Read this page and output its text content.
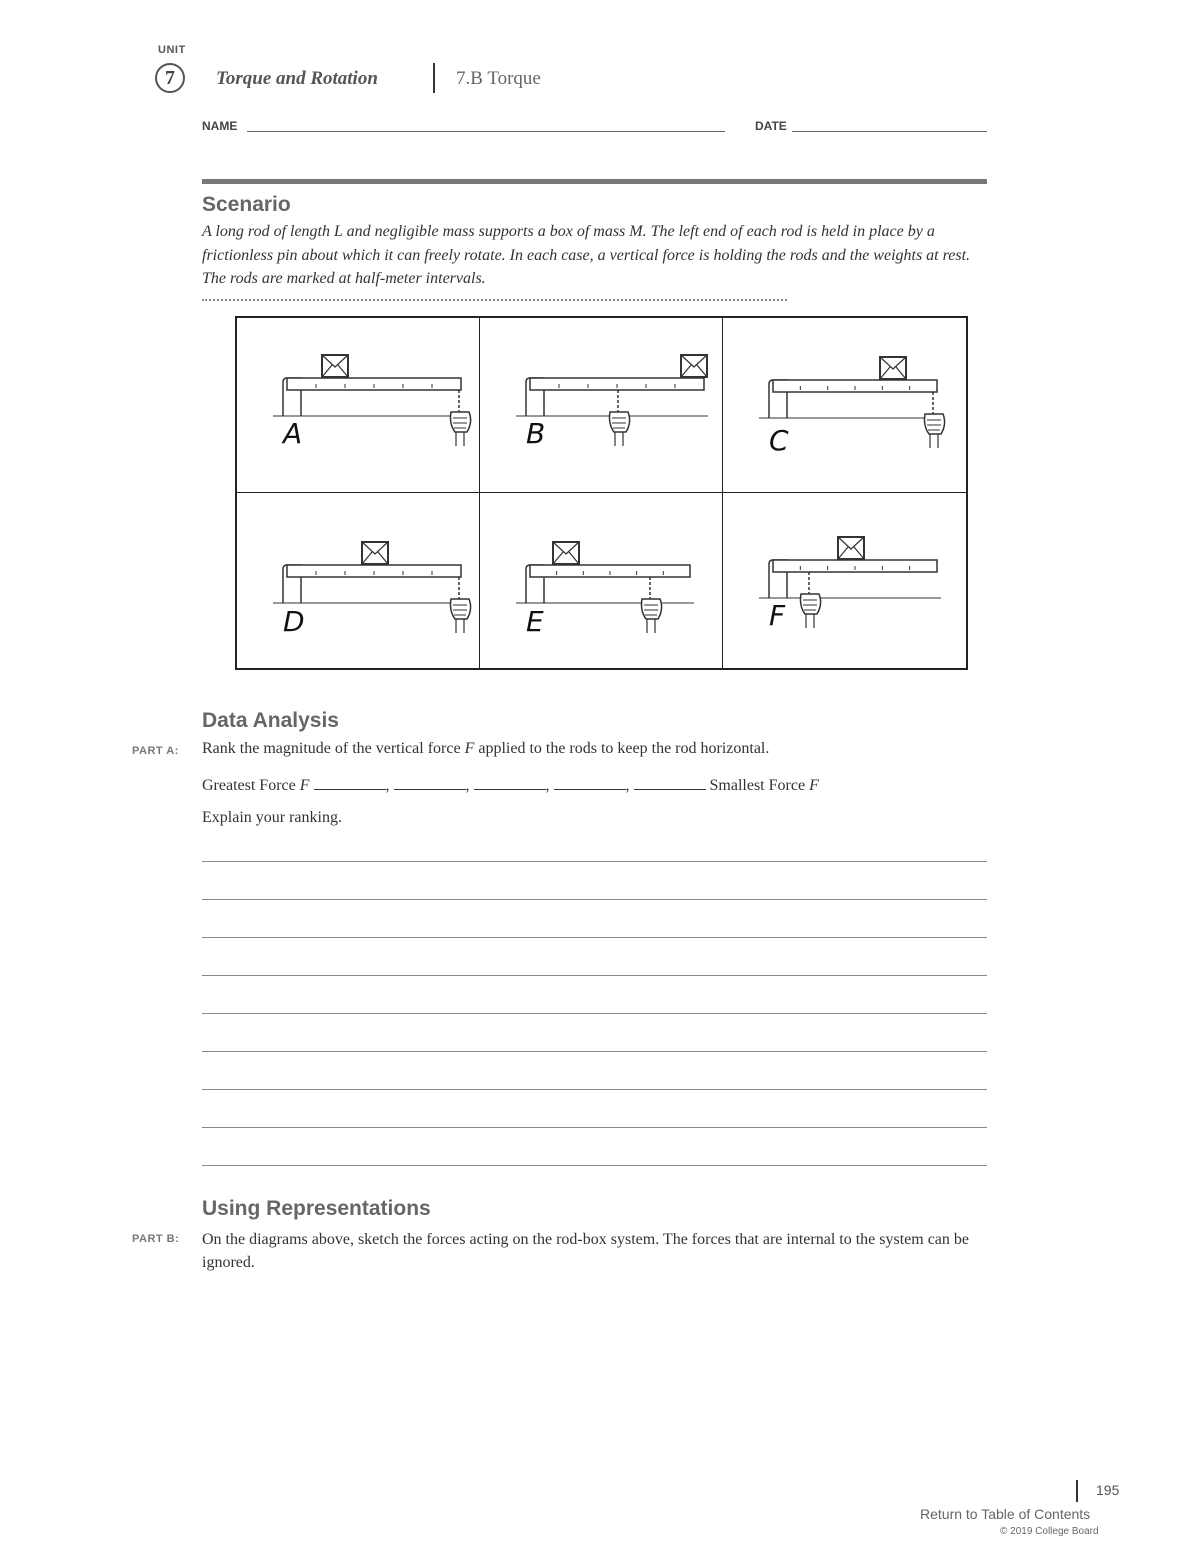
UNIT
7	Torque and Rotation	7.B Torque
NAME	DATE
Scenario
A long rod of length L and negligible mass supports a box of mass M. The left end of each rod is held in place by a frictionless pin about which it can freely rotate. In each case, a vertical force is holding the rods and the weights at rest. The rods are marked at half-meter intervals.
A	B	C
D	E	F
Data Analysis
PART A: Rank the magnitude of the vertical force F applied to the rods to keep the rod horizontal.
Greatest Force F	,	,	,	,	Smallest Force F
Explain your ranking.
Using Representations
PART B: On the diagrams above, sketch the forces acting on the rod-box system. The forces that are internal to the system can be ignored.
195
Return to Table of Contents
© 2019 College Board
